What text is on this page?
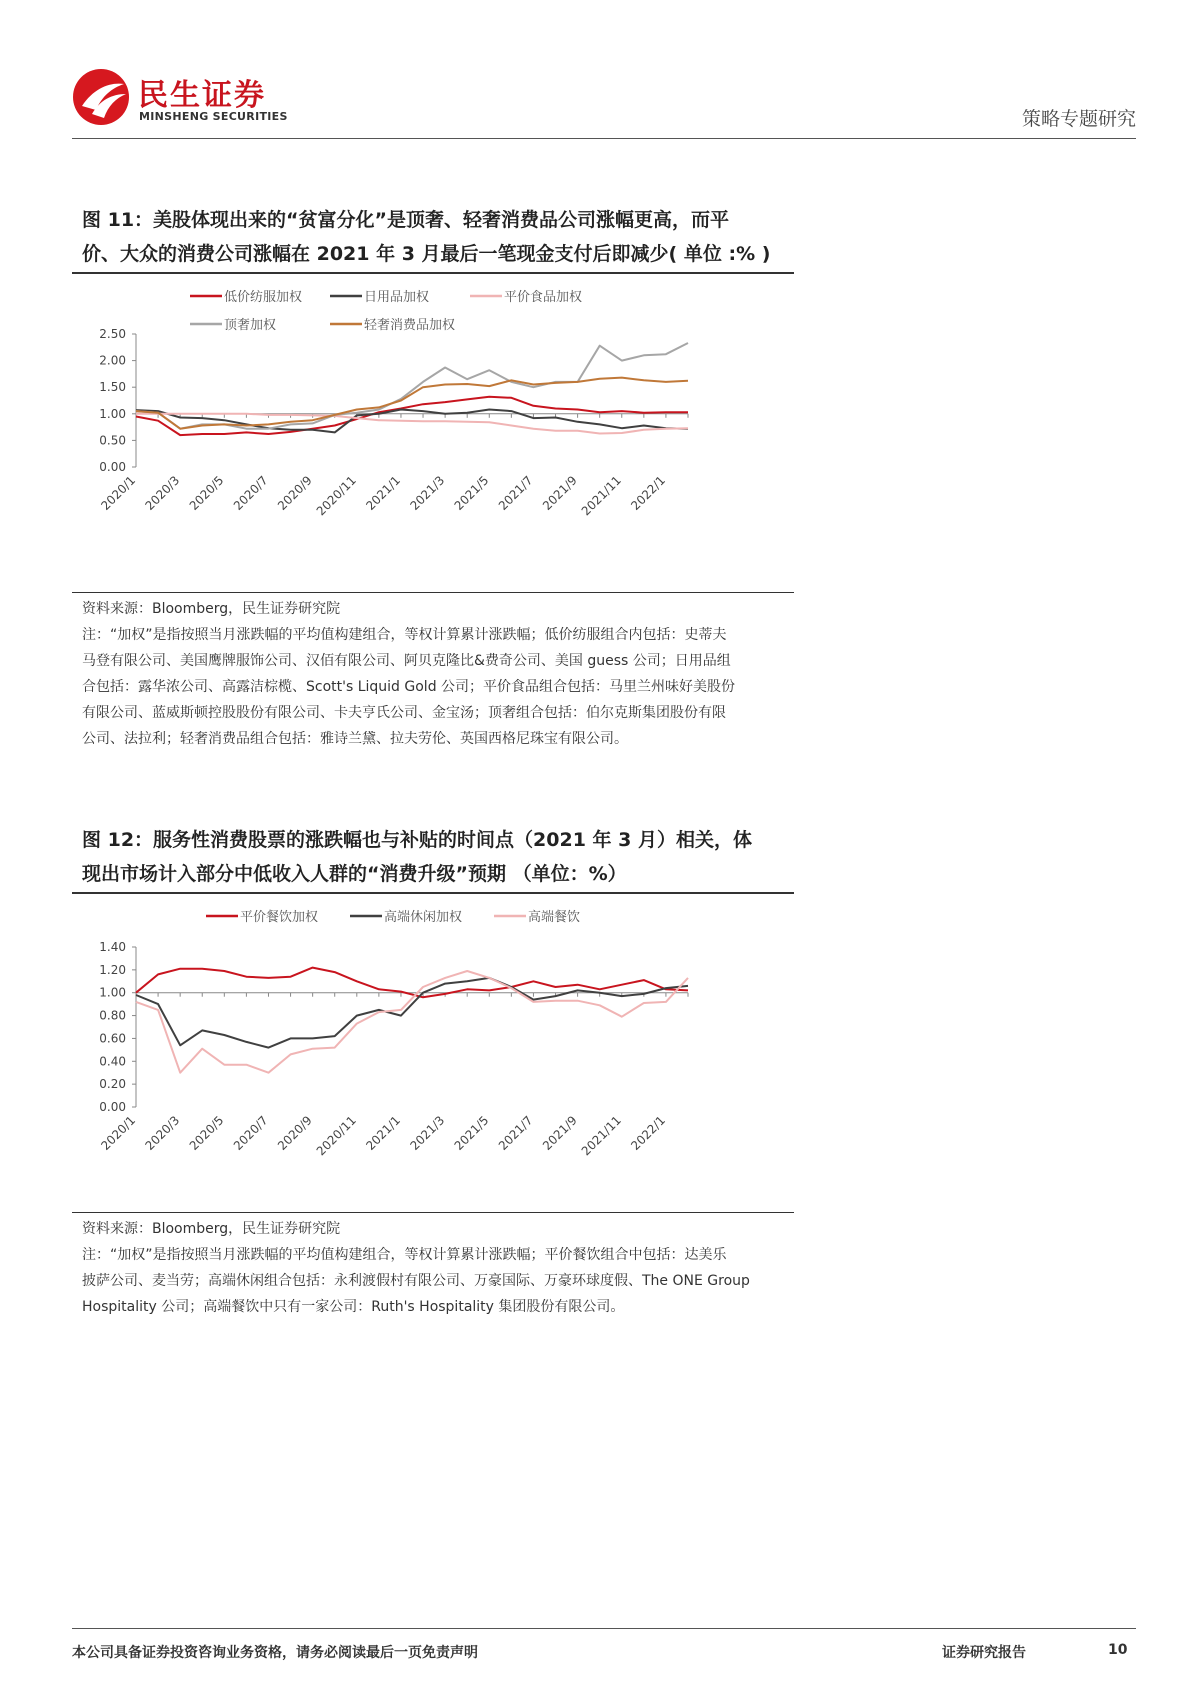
民生证券
MINSHENG SECURITIES	策略专题研究
图 11：美股体现出来的“贫富分化”是顶奢、轻奢消费品公司涨幅更高，而平
价、大众的消费公司涨幅在 2021 年 3 月最后一笔现金支付后即减少( 单位 :% )
低价纺服加权	日用品加权	平价食品加权
顶奢加权	轻奢消费品加权
0.00
0.50
1.00
1.50
2.00
2.50
2020/1 2020/3 2020/5 2020/7 2020/9 2020/11 2021/1 2021/3 2021/5 2021/7 2021/9 2021/11 2022/1
资料来源：Bloomberg，民生证券研究院
注：“加权”是指按照当月涨跌幅的平均值构建组合，等权计算累计涨跌幅；低价纺服组合内包括：史蒂夫
马登有限公司、美国鹰牌服饰公司、汉佰有限公司、阿贝克隆比&费奇公司、美国 guess 公司；日用品组
合包括：露华浓公司、高露洁棕榄、Scott's Liquid Gold 公司；平价食品组合包括：马里兰州味好美股份
有限公司、蓝威斯顿控股股份有限公司、卡夫亨氏公司、金宝汤；顶奢组合包括：伯尔克斯集团股份有限
公司、法拉利；轻奢消费品组合包括：雅诗兰黛、拉夫劳伦、英国西格尼珠宝有限公司。
图 12：服务性消费股票的涨跌幅也与补贴的时间点（2021 年 3 月）相关，体
现出市场计入部分中低收入人群的“消费升级”预期 （单位：%）
平价餐饮加权	高端休闲加权	高端餐饮
0.00
0.20
0.40
0.60
0.80
1.00
1.20
1.40
2020/1 2020/3 2020/5 2020/7 2020/9 2020/11 2021/1 2021/3 2021/5 2021/7 2021/9 2021/11 2022/1
资料来源：Bloomberg，民生证券研究院
注：“加权”是指按照当月涨跌幅的平均值构建组合，等权计算累计涨跌幅；平价餐饮组合中包括：达美乐
披萨公司、麦当劳；高端休闲组合包括：永利渡假村有限公司、万豪国际、万豪环球度假、The ONE Group
Hospitality 公司；高端餐饮中只有一家公司：Ruth's Hospitality 集团股份有限公司。
本公司具备证券投资咨询业务资格，请务必阅读最后一页免责声明	证券研究报告	10
